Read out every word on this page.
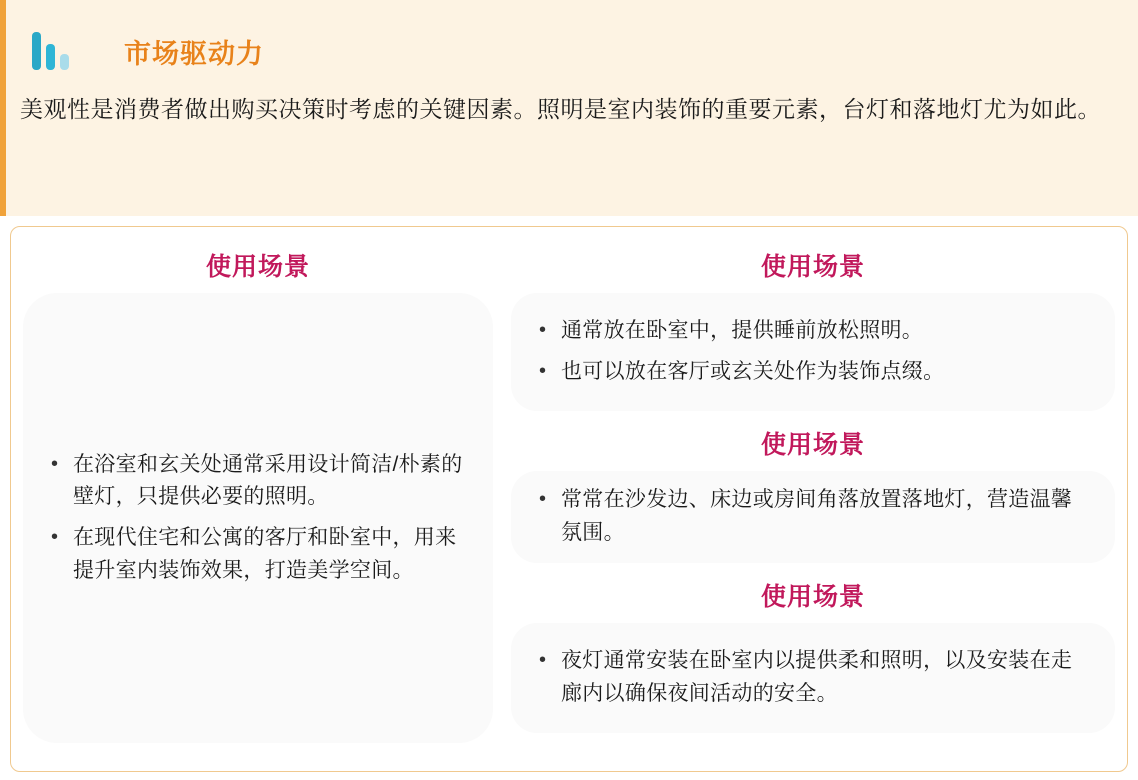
市场驱动力
美观性是消费者做出购买决策时考虑的关键因素。照明是室内装饰的重要元素，台灯和落地灯尤为如此。
使用场景
• 在浴室和玄关处通常采用设计简洁/朴素的壁灯，只提供必要的照明。
• 在现代住宅和公寓的客厅和卧室中，用来提升室内装饰效果，打造美学空间。
使用场景
• 通常放在卧室中，提供睡前放松照明。
• 也可以放在客厅或玄关处作为装饰点缀。
使用场景
• 常常在沙发边、床边或房间角落放置落地灯，营造温馨氛围。
使用场景
• 夜灯通常安装在卧室内以提供柔和照明，以及安装在走廊内以确保夜间活动的安全。
